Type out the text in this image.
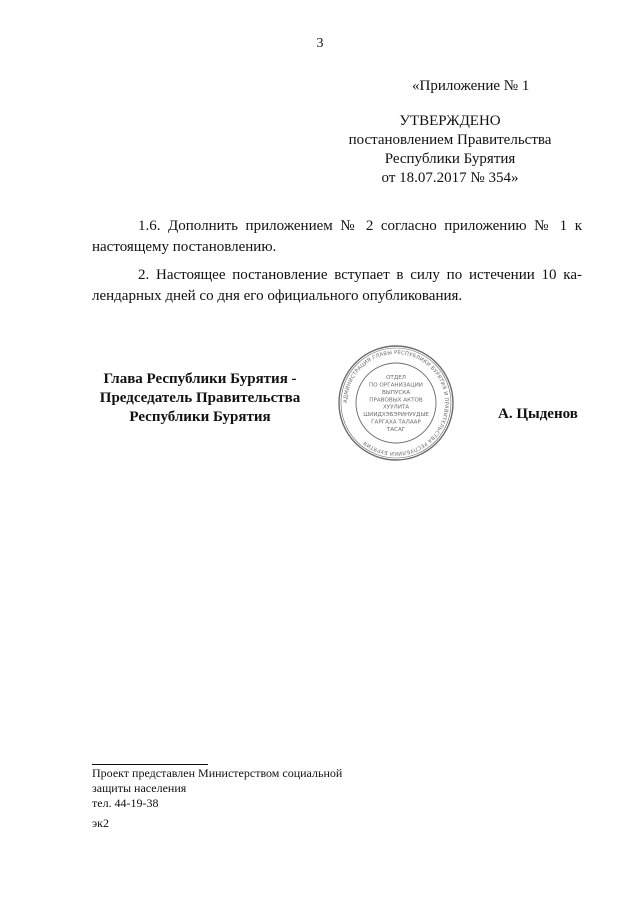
3
«Приложение № 1
УТВЕРЖДЕНО
постановлением Правительства
Республики Бурятия
от 18.07.2017 № 354»
1.6. Дополнить приложением № 2 согласно приложению № 1 к
настоящему постановлению.
2. Настоящее постановление вступает в силу по истечении 10 ка-
лендарных дней со дня его официального опубликования.
Глава Республики Бурятия -
Председатель Правительства
Республики Бурятия
АДМИНИСТРАЦИЯ ГЛАВЫ РЕСПУБЛИКИ БУРЯТИЯ И ПРАВИТЕЛЬСТВА РЕСПУБЛИКИ БУРЯТИЯ
ОТДЕЛ
ПО ОРГАНИЗАЦИИ
ВЫПУСКА
ПРАВОВЫХ АКТОВ
ХУУЛИТА
ШИИДХЭБЭРИНУУДЫЕ
ГАРГАХА ТАЛААР
ТАСАГ
А. Цыденов
Проект представлен Министерством социальной
защиты населения
тел. 44-19-38
эк2
